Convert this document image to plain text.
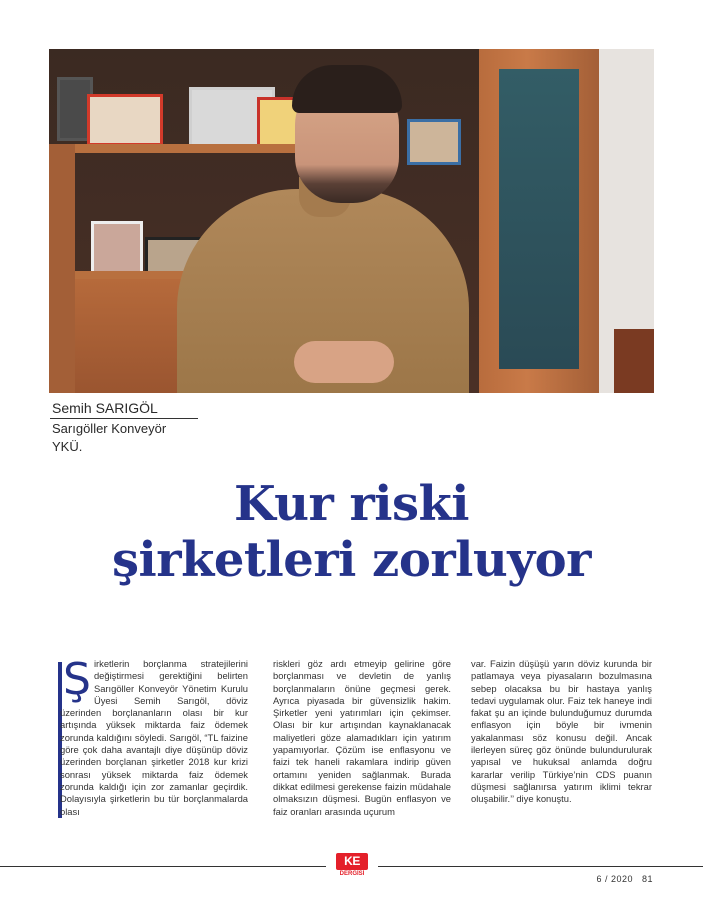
Semih SARIGÖL
Sarıgöller Konveyör
YKÜ.
Kur riski
şirketleri zorluyor
Ş irketlerin borçlanma stratejilerini değiştirmesi gerektiğini belirten Sarıgöller Konveyör Yönetim Kurulu Üyesi Semih Sarıgöl, döviz üzerinden borçlananların olası bir kur artışında yüksek miktarda faiz ödemek zorunda kaldığını söyledi. Sarıgöl, “TL faizine göre çok daha avantajlı diye düşünüp döviz üzerinden borçlanan şirketler 2018 kur krizi sonrası yüksek miktarda faiz ödemek zorunda kaldığı için zor zamanlar geçirdik. Dolayısıyla şirketlerin bu tür borçlanmalarda olası

riskleri göz ardı etmeyip gelirine göre borçlanması ve devletin de yanlış borçlanmaların önüne geçmesi gerek. Ayrıca piyasada bir güvensizlik hakim. Şirketler yeni yatırımları için çekimser. Olası bir kur artışından kaynaklanacak maliyetleri göze alamadıkları için yatırım yapamıyorlar. Çözüm ise enflasyonu ve faizi tek haneli rakamlara indirip güven ortamını yeniden sağlanmak. Burada dikkat edilmesi gerekense faizin müdahale olmaksızın düşmesi. Bugün enflasyon ve faiz oranları arasında uçurum

var. Faizin düşüşü yarın döviz kurunda bir patlamaya veya piyasaların bozulmasına sebep olacaksa bu bir hastaya yanlış tedavi uygulamak olur. Faiz tek haneye indi fakat şu an içinde bulunduğumuz durumda enflasyon için böyle bir ivmenin yakalanması söz konusu değil. Ancak ilerleyen süreç göz önünde bulundurulurak yapısal ve hukuksal anlamda doğru kararlar verilip Türkiye’nin CDS puanın düşmesi sağlanırsa yatırım iklimi tekrar oluşabilir.’’ diye konuştu.

KE
DERGİSİ	6 / 2020 81
